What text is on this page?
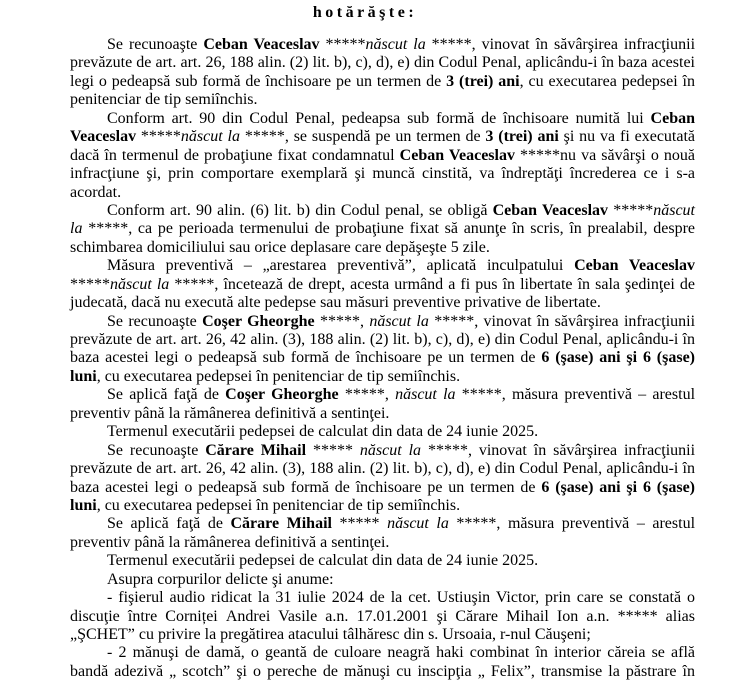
hotărăşte:
Se recunoaşte Ceban Veaceslav *****născut la *****, vinovat în săvârşirea infracţiunii
prevăzute de art. art. 26, 188 alin. (2) lit. b), c), d), e) din Codul Penal, aplicându-i în baza acestei
legi o pedeapsă sub formă de închisoare pe un termen de 3 (trei) ani, cu executarea pedepsei în
penitenciar de tip semiînchis.
Conform art. 90 din Codul Penal, pedeapsa sub formă de închisoare numită lui Ceban
Veaceslav *****născut la *****, se suspendă pe un termen de 3 (trei) ani şi nu va fi executată
dacă în termenul de probaţiune fixat condamnatul Ceban Veaceslav *****nu va săvârşi o nouă
infracţiune şi, prin comportare exemplară şi muncă cinstită, va îndreptăţi încrederea ce i s-a
acordat.
Conform art. 90 alin. (6) lit. b) din Codul penal, se obligă Ceban Veaceslav *****născut
la *****, ca pe perioada termenului de probaţiune fixat să anunţe în scris, în prealabil, despre
schimbarea domiciliului sau orice deplasare care depăşeşte 5 zile.
Măsura preventivă – „arestarea preventivă”, aplicată inculpatului Ceban Veaceslav
*****născut la *****, încetează de drept, acesta urmând a fi pus în libertate în sala şedinţei de
judecată, dacă nu execută alte pedepse sau măsuri preventive privative de libertate.
Se recunoaşte Coşer Gheorghe *****, născut la *****, vinovat în săvârşirea infracţiunii
prevăzute de art. art. 26, 42 alin. (3), 188 alin. (2) lit. b), c), d), e) din Codul Penal, aplicându-i în
baza acestei legi o pedeapsă sub formă de închisoare pe un termen de 6 (şase) ani şi 6 (şase)
luni, cu executarea pedepsei în penitenciar de tip semiînchis.
Se aplică faţă de Coşer Gheorghe *****, născut la *****, măsura preventivă – arestul
preventiv până la rămânerea definitivă a sentinţei.
Termenul executării pedepsei de calculat din data de 24 iunie 2025.
Se recunoaşte Cărare Mihail ***** născut la *****, vinovat în săvârşirea infracţiunii
prevăzute de art. art. 26, 42 alin. (3), 188 alin. (2) lit. b), c), d), e) din Codul Penal, aplicându-i în
baza acestei legi o pedeapsă sub formă de închisoare pe un termen de 6 (şase) ani şi 6 (şase)
luni, cu executarea pedepsei în penitenciar de tip semiînchis.
Se aplică faţă de Cărare Mihail ***** născut la *****, măsura preventivă – arestul
preventiv până la rămânerea definitivă a sentinţei.
Termenul executării pedepsei de calculat din data de 24 iunie 2025.
Asupra corpurilor delicte şi anume:
- fişierul audio ridicat la 31 iulie 2024 de la cet. Ustiuşin Victor, prin care se constată o
discuţie între Cornițeі Andrei Vasile a.n. 17.01.2001 şi Cărare Mihail Ion a.n. ***** alias
„ŞCHET” cu privire la pregătirea atacului tâlhăresc din s. Ursoaia, r-nul Căuşeni;
- 2 mănuşi de damă, o geantă de culoare neagră haki combinat în interior căreia se află
bandă adezivă „ scotch” şi o pereche de mănuşi cu inscipţia „ Felix”, transmise la păstrare în
